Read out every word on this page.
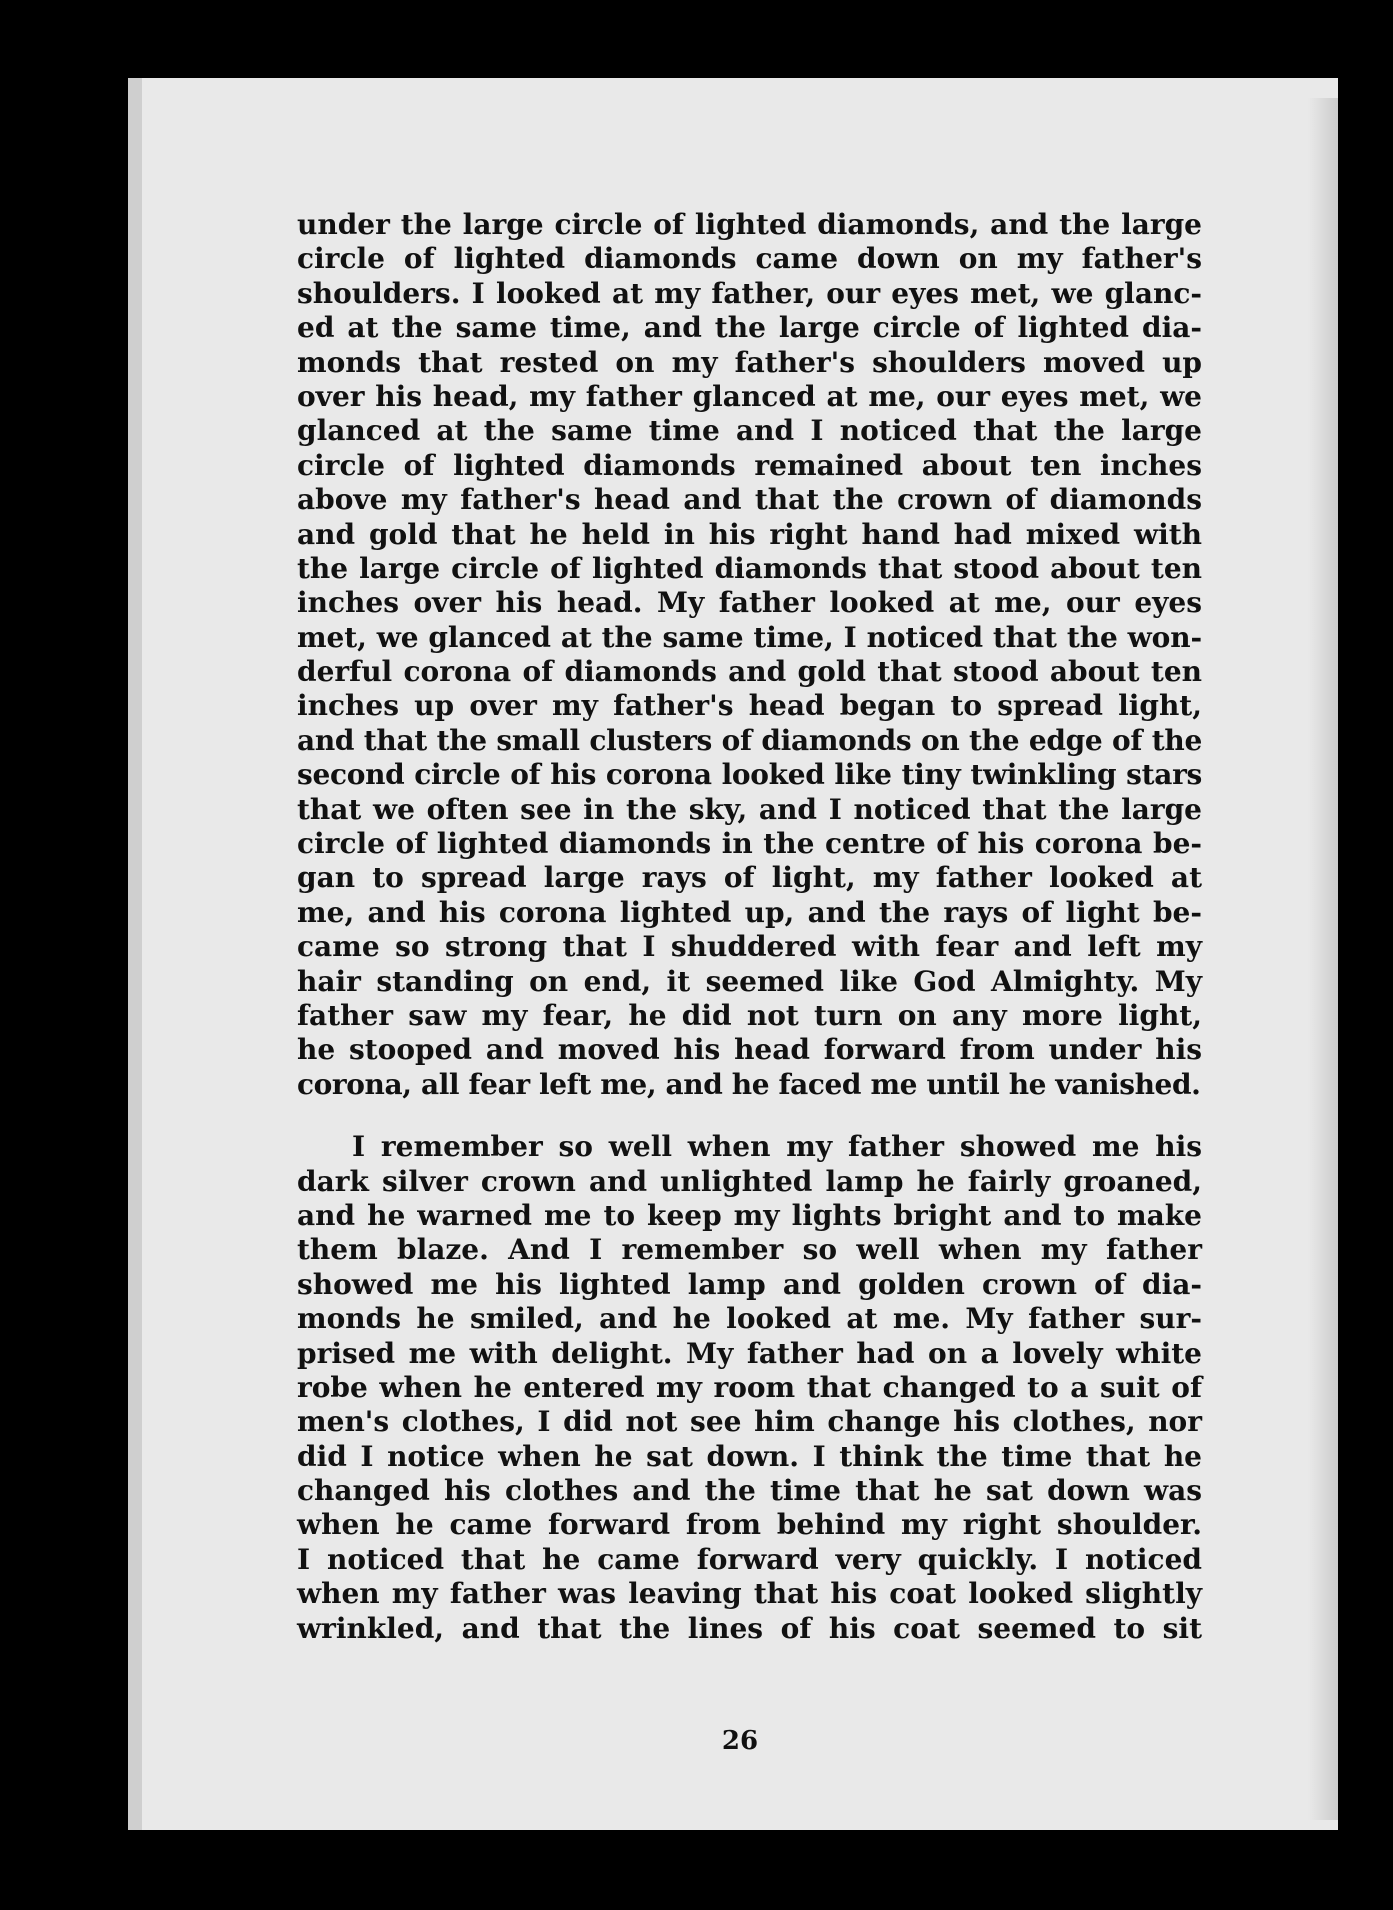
under the large circle of lighted diamonds, and the large
circle of lighted diamonds came down on my father's
shoulders. I looked at my father, our eyes met, we glanc-
ed at the same time, and the large circle of lighted dia-
monds that rested on my father's shoulders moved up
over his head, my father glanced at me, our eyes met, we
glanced at the same time and I noticed that the large
circle of lighted diamonds remained about ten inches
above my father's head and that the crown of diamonds
and gold that he held in his right hand had mixed with
the large circle of lighted diamonds that stood about ten
inches over his head. My father looked at me, our eyes
met, we glanced at the same time, I noticed that the won-
derful corona of diamonds and gold that stood about ten
inches up over my father's head began to spread light,
and that the small clusters of diamonds on the edge of the
second circle of his corona looked like tiny twinkling stars
that we often see in the sky, and I noticed that the large
circle of lighted diamonds in the centre of his corona be-
gan to spread large rays of light, my father looked at
me, and his corona lighted up, and the rays of light be-
came so strong that I shuddered with fear and left my
hair standing on end, it seemed like God Almighty. My
father saw my fear, he did not turn on any more light,
he stooped and moved his head forward from under his
corona, all fear left me, and he faced me until he vanished.
I remember so well when my father showed me his
dark silver crown and unlighted lamp he fairly groaned,
and he warned me to keep my lights bright and to make
them blaze. And I remember so well when my father
showed me his lighted lamp and golden crown of dia-
monds he smiled, and he looked at me. My father sur-
prised me with delight. My father had on a lovely white
robe when he entered my room that changed to a suit of
men's clothes, I did not see him change his clothes, nor
did I notice when he sat down. I think the time that he
changed his clothes and the time that he sat down was
when he came forward from behind my right shoulder.
I noticed that he came forward very quickly. I noticed
when my father was leaving that his coat looked slightly
wrinkled, and that the lines of his coat seemed to sit
26
